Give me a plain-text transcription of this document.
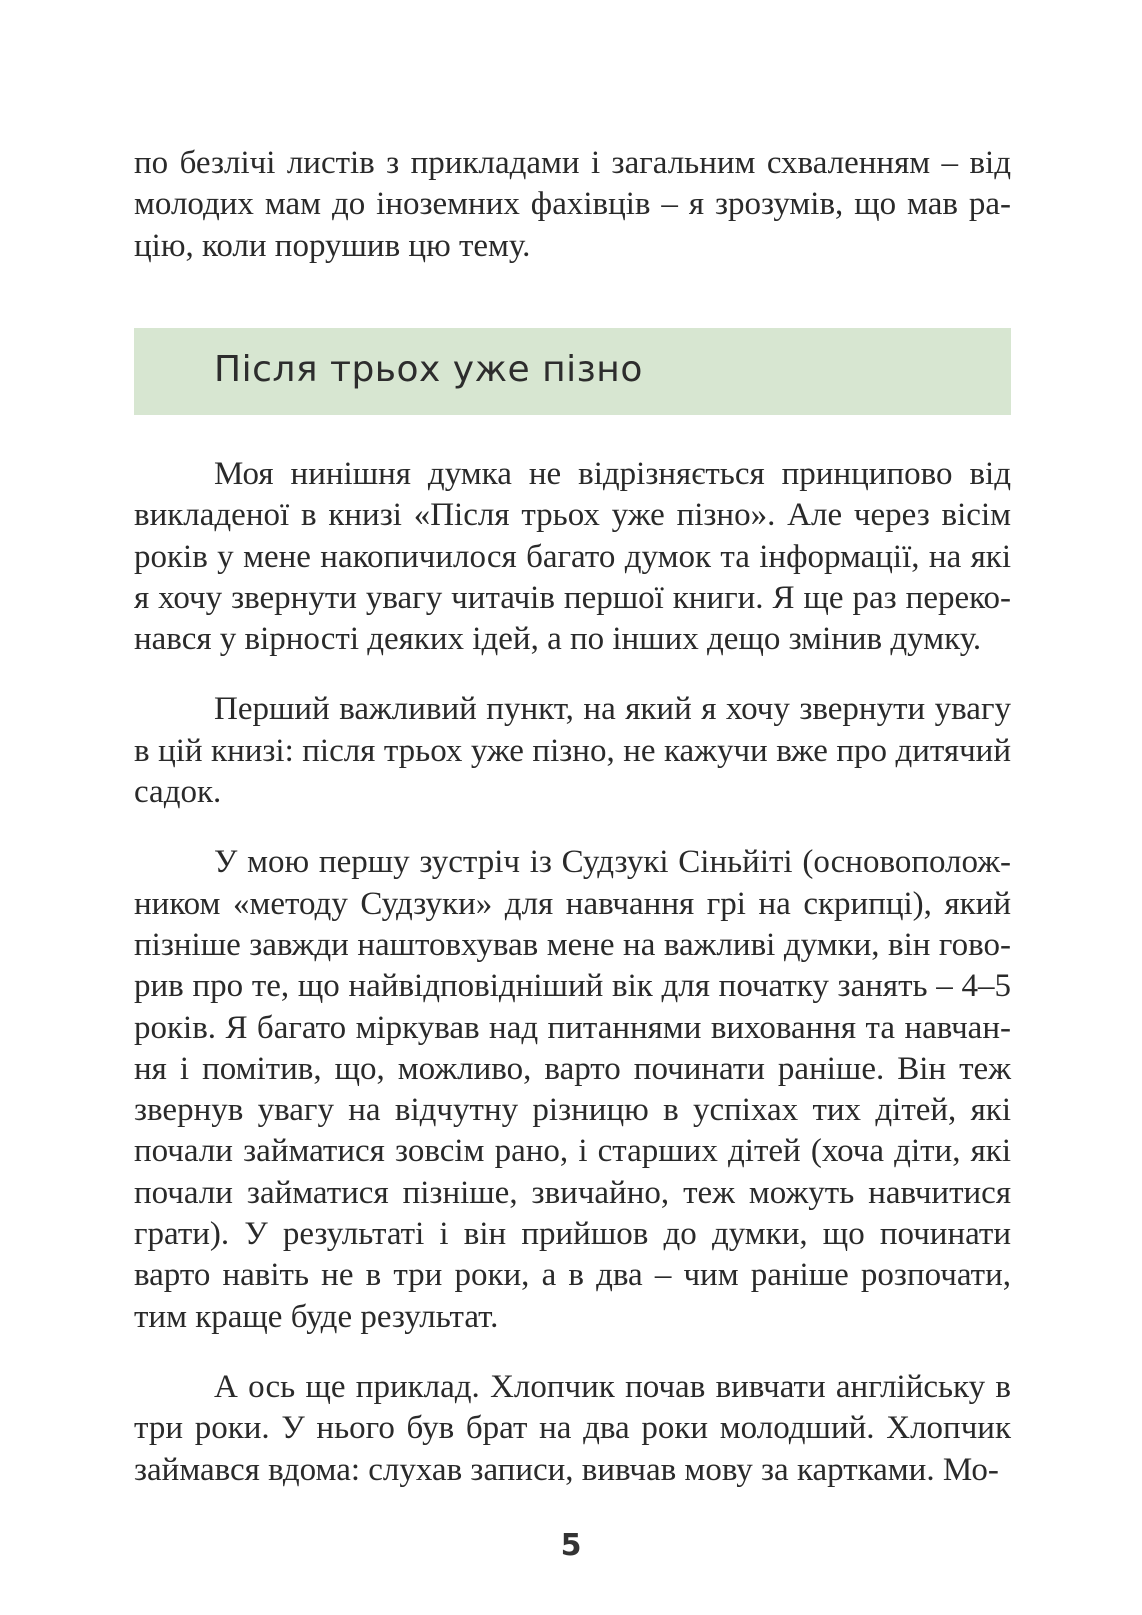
по безлічі листів з прикладами і загальним схваленням – від молодих мам до іноземних фахівців – я зрозумів, що мав рацію, коли порушив цю тему.

Після трьох уже пізно

Моя нинішня думка не відрізняється принципово від викладеної в книзі «Після трьох уже пізно». Але через вісім років у мене накопичилося багато думок та інформації, на які я хочу звернути увагу читачів першої книги. Я ще раз переконався у вірності деяких ідей, а по інших дещо змінив думку.

Перший важливий пункт, на який я хочу звернути увагу в цій книзі: після трьох уже пізно, не кажучи вже про дитячий садок.

У мою першу зустріч із Судзукі Сіньйіті (основоположником «методу Судзуки» для навчання грі на скрипці), який пізніше завжди наштовхував мене на важливі думки, він говорив про те, що найвідповідніший вік для початку занять – 4–5 років. Я багато міркував над питаннями виховання та навчання і помітив, що, можливо, варто починати раніше. Він теж звернув увагу на відчутну різницю в успіхах тих дітей, які почали займатися зовсім рано, і старших дітей (хоча діти, які почали займатися пізніше, звичайно, теж можуть навчитися грати). У результаті і він прийшов до думки, що починати варто навіть не в три роки, а в два – чим раніше розпочати, тим краще буде результат.

А ось ще приклад. Хлопчик почав вивчати англійську в три роки. У нього був брат на два роки молодший. Хлопчик займався вдома: слухав записи, вивчав мову за картками. Мо-

5
